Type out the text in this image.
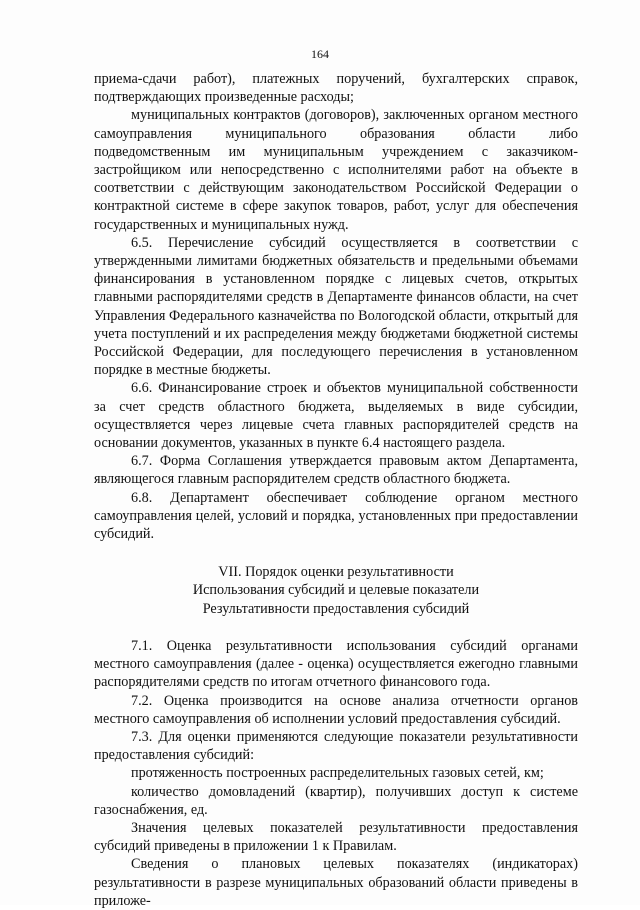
164

приема-сдачи работ), платежных поручений, бухгалтерских справок, подтверждающих произведенные расходы;

муниципальных контрактов (договоров), заключенных органом местного самоуправления муниципального образования области либо подведомственным им муниципальным учреждением с заказчиком-застройщиком или непосредственно с исполнителями работ на объекте в соответствии с действующим законодательством Российской Федерации о контрактной системе в сфере закупок товаров, работ, услуг для обеспечения государственных и муниципальных нужд.

6.5. Перечисление субсидий осуществляется в соответствии с утвержденными лимитами бюджетных обязательств и предельными объемами финансирования в установленном порядке с лицевых счетов, открытых главными распорядителями средств в Департаменте финансов области, на счет Управления Федерального казначейства по Вологодской области, открытый для учета поступлений и их распределения между бюджетами бюджетной системы Российской Федерации, для последующего перечисления в установленном порядке в местные бюджеты.

6.6. Финансирование строек и объектов муниципальной собственности за счет средств областного бюджета, выделяемых в виде субсидии, осуществляется через лицевые счета главных распорядителей средств на основании документов, указанных в пункте 6.4 настоящего раздела.

6.7. Форма Соглашения утверждается правовым актом Департамента, являющегося главным распорядителем средств областного бюджета.

6.8. Департамент обеспечивает соблюдение органом местного самоуправления целей, условий и порядка, установленных при предоставлении субсидий.

VII. Порядок оценки результативности
Использования субсидий и целевые показатели
Результативности предоставления субсидий

7.1. Оценка результативности использования субсидий органами местного самоуправления (далее - оценка) осуществляется ежегодно главными распорядителями средств по итогам отчетного финансового года.

7.2. Оценка производится на основе анализа отчетности органов местного самоуправления об исполнении условий предоставления субсидий.

7.3. Для оценки применяются следующие показатели результативности предоставления субсидий:

протяженность построенных распределительных газовых сетей, км;

количество домовладений (квартир), получивших доступ к системе газоснабжения, ед.

Значения целевых показателей результативности предоставления субсидий приведены в приложении 1 к Правилам.

Сведения о плановых целевых показателях (индикаторах) результативности в разрезе муниципальных образований области приведены в приложе-
